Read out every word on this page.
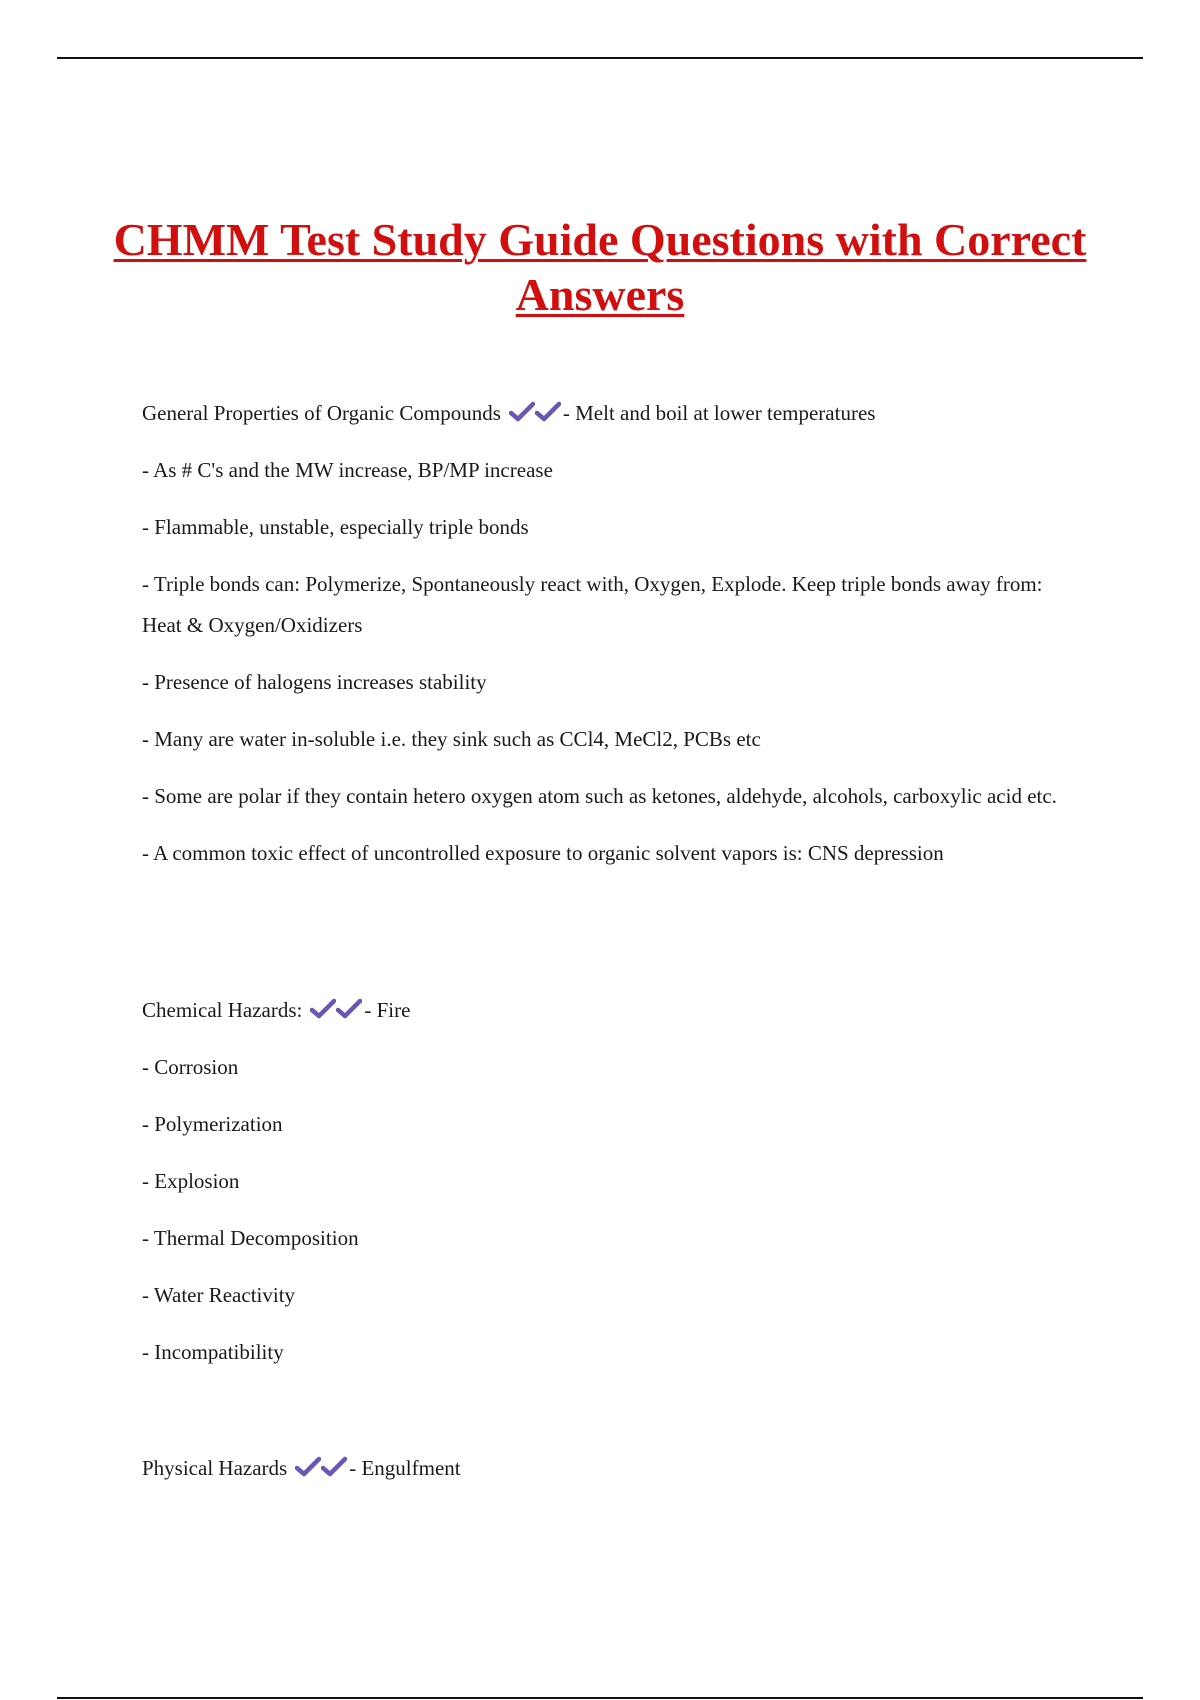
CHMM Test Study Guide Questions with Correct Answers

General Properties of Organic Compounds	- Melt and boil at lower temperatures

- As # C's and the MW increase, BP/MP increase

- Flammable, unstable, especially triple bonds

- Triple bonds can: Polymerize, Spontaneously react with, Oxygen, Explode. Keep triple bonds away from: Heat & Oxygen/Oxidizers

- Presence of halogens increases stability

- Many are water in-soluble i.e. they sink such as CCl4, MeCl2, PCBs etc

- Some are polar if they contain hetero oxygen atom such as ketones, aldehyde, alcohols, carboxylic acid etc.

- A common toxic effect of uncontrolled exposure to organic solvent vapors is: CNS depression

Chemical Hazards:	- Fire

- Corrosion

- Polymerization

- Explosion

- Thermal Decomposition

- Water Reactivity

- Incompatibility

Physical Hazards	- Engulfment
